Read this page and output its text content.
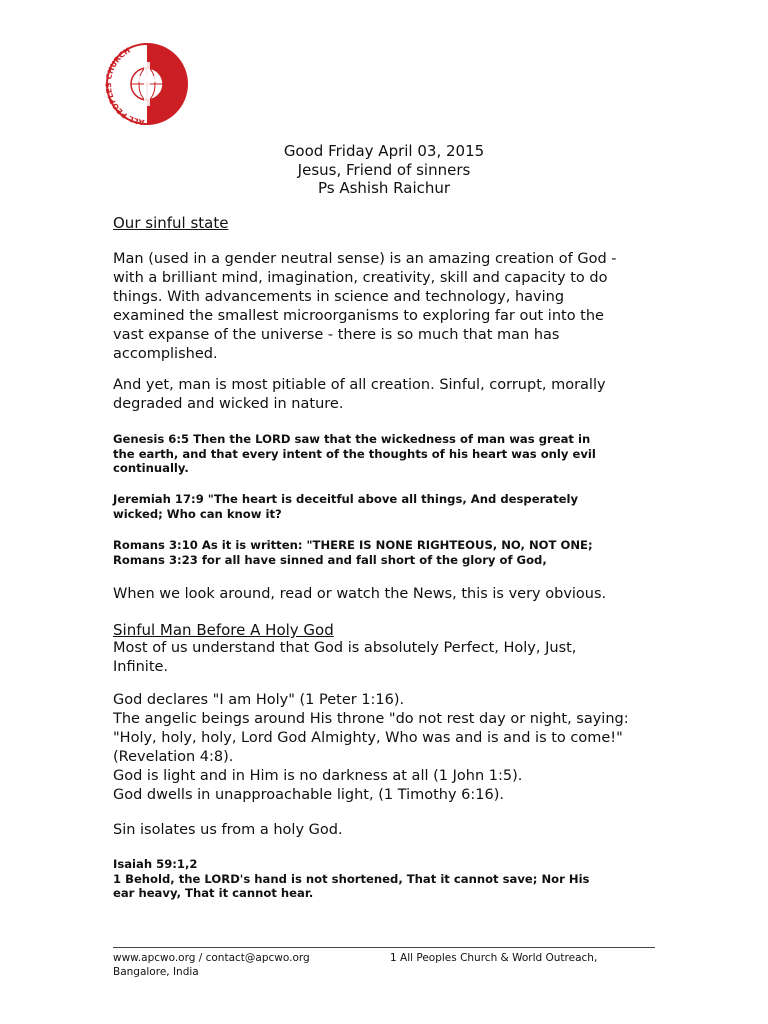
ALL PEOPLES CHURCH
Good Friday April 03, 2015
Jesus, Friend of sinners
Ps Ashish Raichur
Our sinful state
Man (used in a gender neutral sense) is an amazing creation of God -
with a brilliant mind, imagination, creativity, skill and capacity to do
things. With advancements in science and technology, having
examined the smallest microorganisms to exploring far out into the
vast expanse of the universe - there is so much that man has
accomplished.
And yet, man is most pitiable of all creation. Sinful, corrupt, morally
degraded and wicked in nature.
Genesis 6:5 Then the LORD saw that the wickedness of man was great in
the earth, and that every intent of the thoughts of his heart was only evil
continually.
Jeremiah 17:9 "The heart is deceitful above all things, And desperately
wicked; Who can know it?
Romans 3:10 As it is written: "THERE IS NONE RIGHTEOUS, NO, NOT ONE;
Romans 3:23 for all have sinned and fall short of the glory of God,
When we look around, read or watch the News, this is very obvious.
Sinful Man Before A Holy God
Most of us understand that God is absolutely Perfect, Holy, Just,
Infinite.
God declares "I am Holy" (1 Peter 1:16).
The angelic beings around His throne "do not rest day or night, saying:
"Holy, holy, holy, Lord God Almighty, Who was and is and is to come!"
(Revelation 4:8).
God is light and in Him is no darkness at all (1 John 1:5).
God dwells in unapproachable light, (1 Timothy 6:16).
Sin isolates us from a holy God.
Isaiah 59:1,2
1 Behold, the LORD's hand is not shortened, That it cannot save; Nor His
ear heavy, That it cannot hear.
www.apcwo.org / contact@apcwo.org
Bangalore, India
1 All Peoples Church & World Outreach,
